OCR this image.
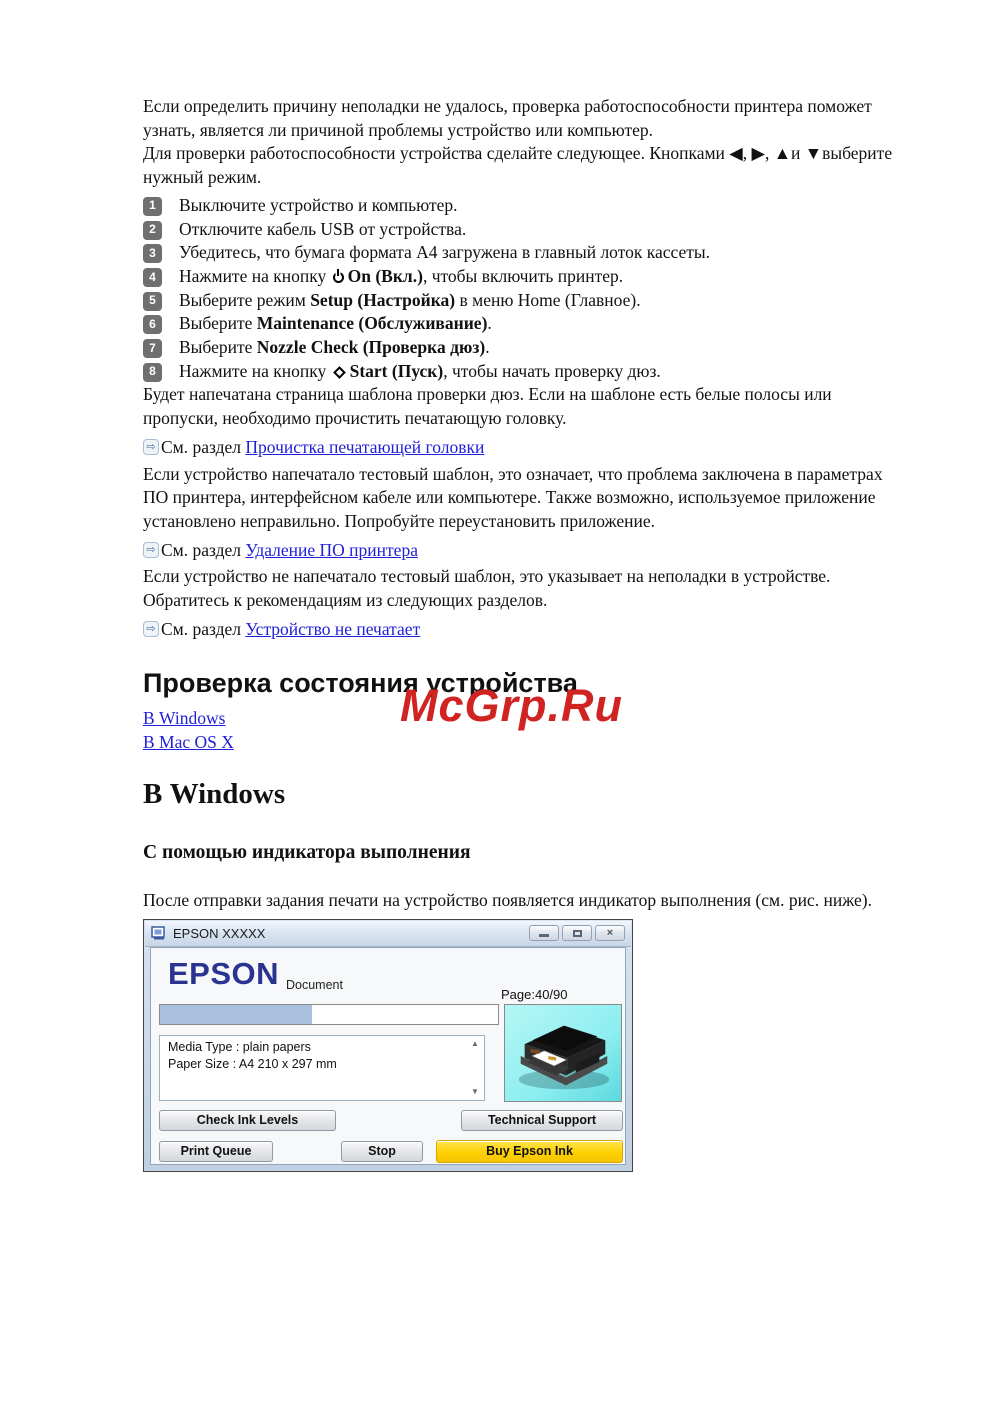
McGrp.Ru

Если определить причину неполадки не удалось, проверка работоспособности принтера поможет узнать, является ли причиной проблемы устройство или компьютер.

Для проверки работоспособности устройства сделайте следующее. Кнопками ◀, ▶, ▲и ▼выберите нужный режим.

1	Выключите устройство и компьютер.
2	Отключите кабель USB от устройства.
3	Убедитесь, что бумага формата A4 загружена в главный лоток кассеты.
4	Нажмите на кнопку On (Вкл.), чтобы включить принтер.
5	Выберите режим Setup (Настройка) в меню Home (Главное).
6	Выберите Maintenance (Обслуживание).
7	Выберите Nozzle Check (Проверка дюз).
8	Нажмите на кнопку Start (Пуск), чтобы начать проверку дюз.

Будет напечатана страница шаблона проверки дюз. Если на шаблоне есть белые полосы или пропуски, необходимо прочистить печатающую головку.

⇨ См. раздел Прочистка печатающей головки

Если устройство напечатало тестовый шаблон, это означает, что проблема заключена в параметрах ПО принтера, интерфейсном кабеле или компьютере. Также возможно, используемое приложение установлено неправильно. Попробуйте переустановить приложение.

⇨ См. раздел Удаление ПО принтера

Если устройство не напечатало тестовый шаблон, это указывает на неполадки в устройстве. Обратитесь к рекомендациям из следующих разделов.

⇨ См. раздел Устройство не печатает
Проверка состояния устройства
В Windows
В Mac OS X
В Windows
С помощью индикатора выполнения

После отправки задания печати на устройство появляется индикатор выполнения (см. рис. ниже).

EPSON XXXXX	×
EPSON Document
Page:40/90
Media Type : plain papers
Paper Size : A4 210 x 297 mm
▲
▼
Check Ink Levels	Technical Support
Print Queue	Stop	Buy Epson Ink
